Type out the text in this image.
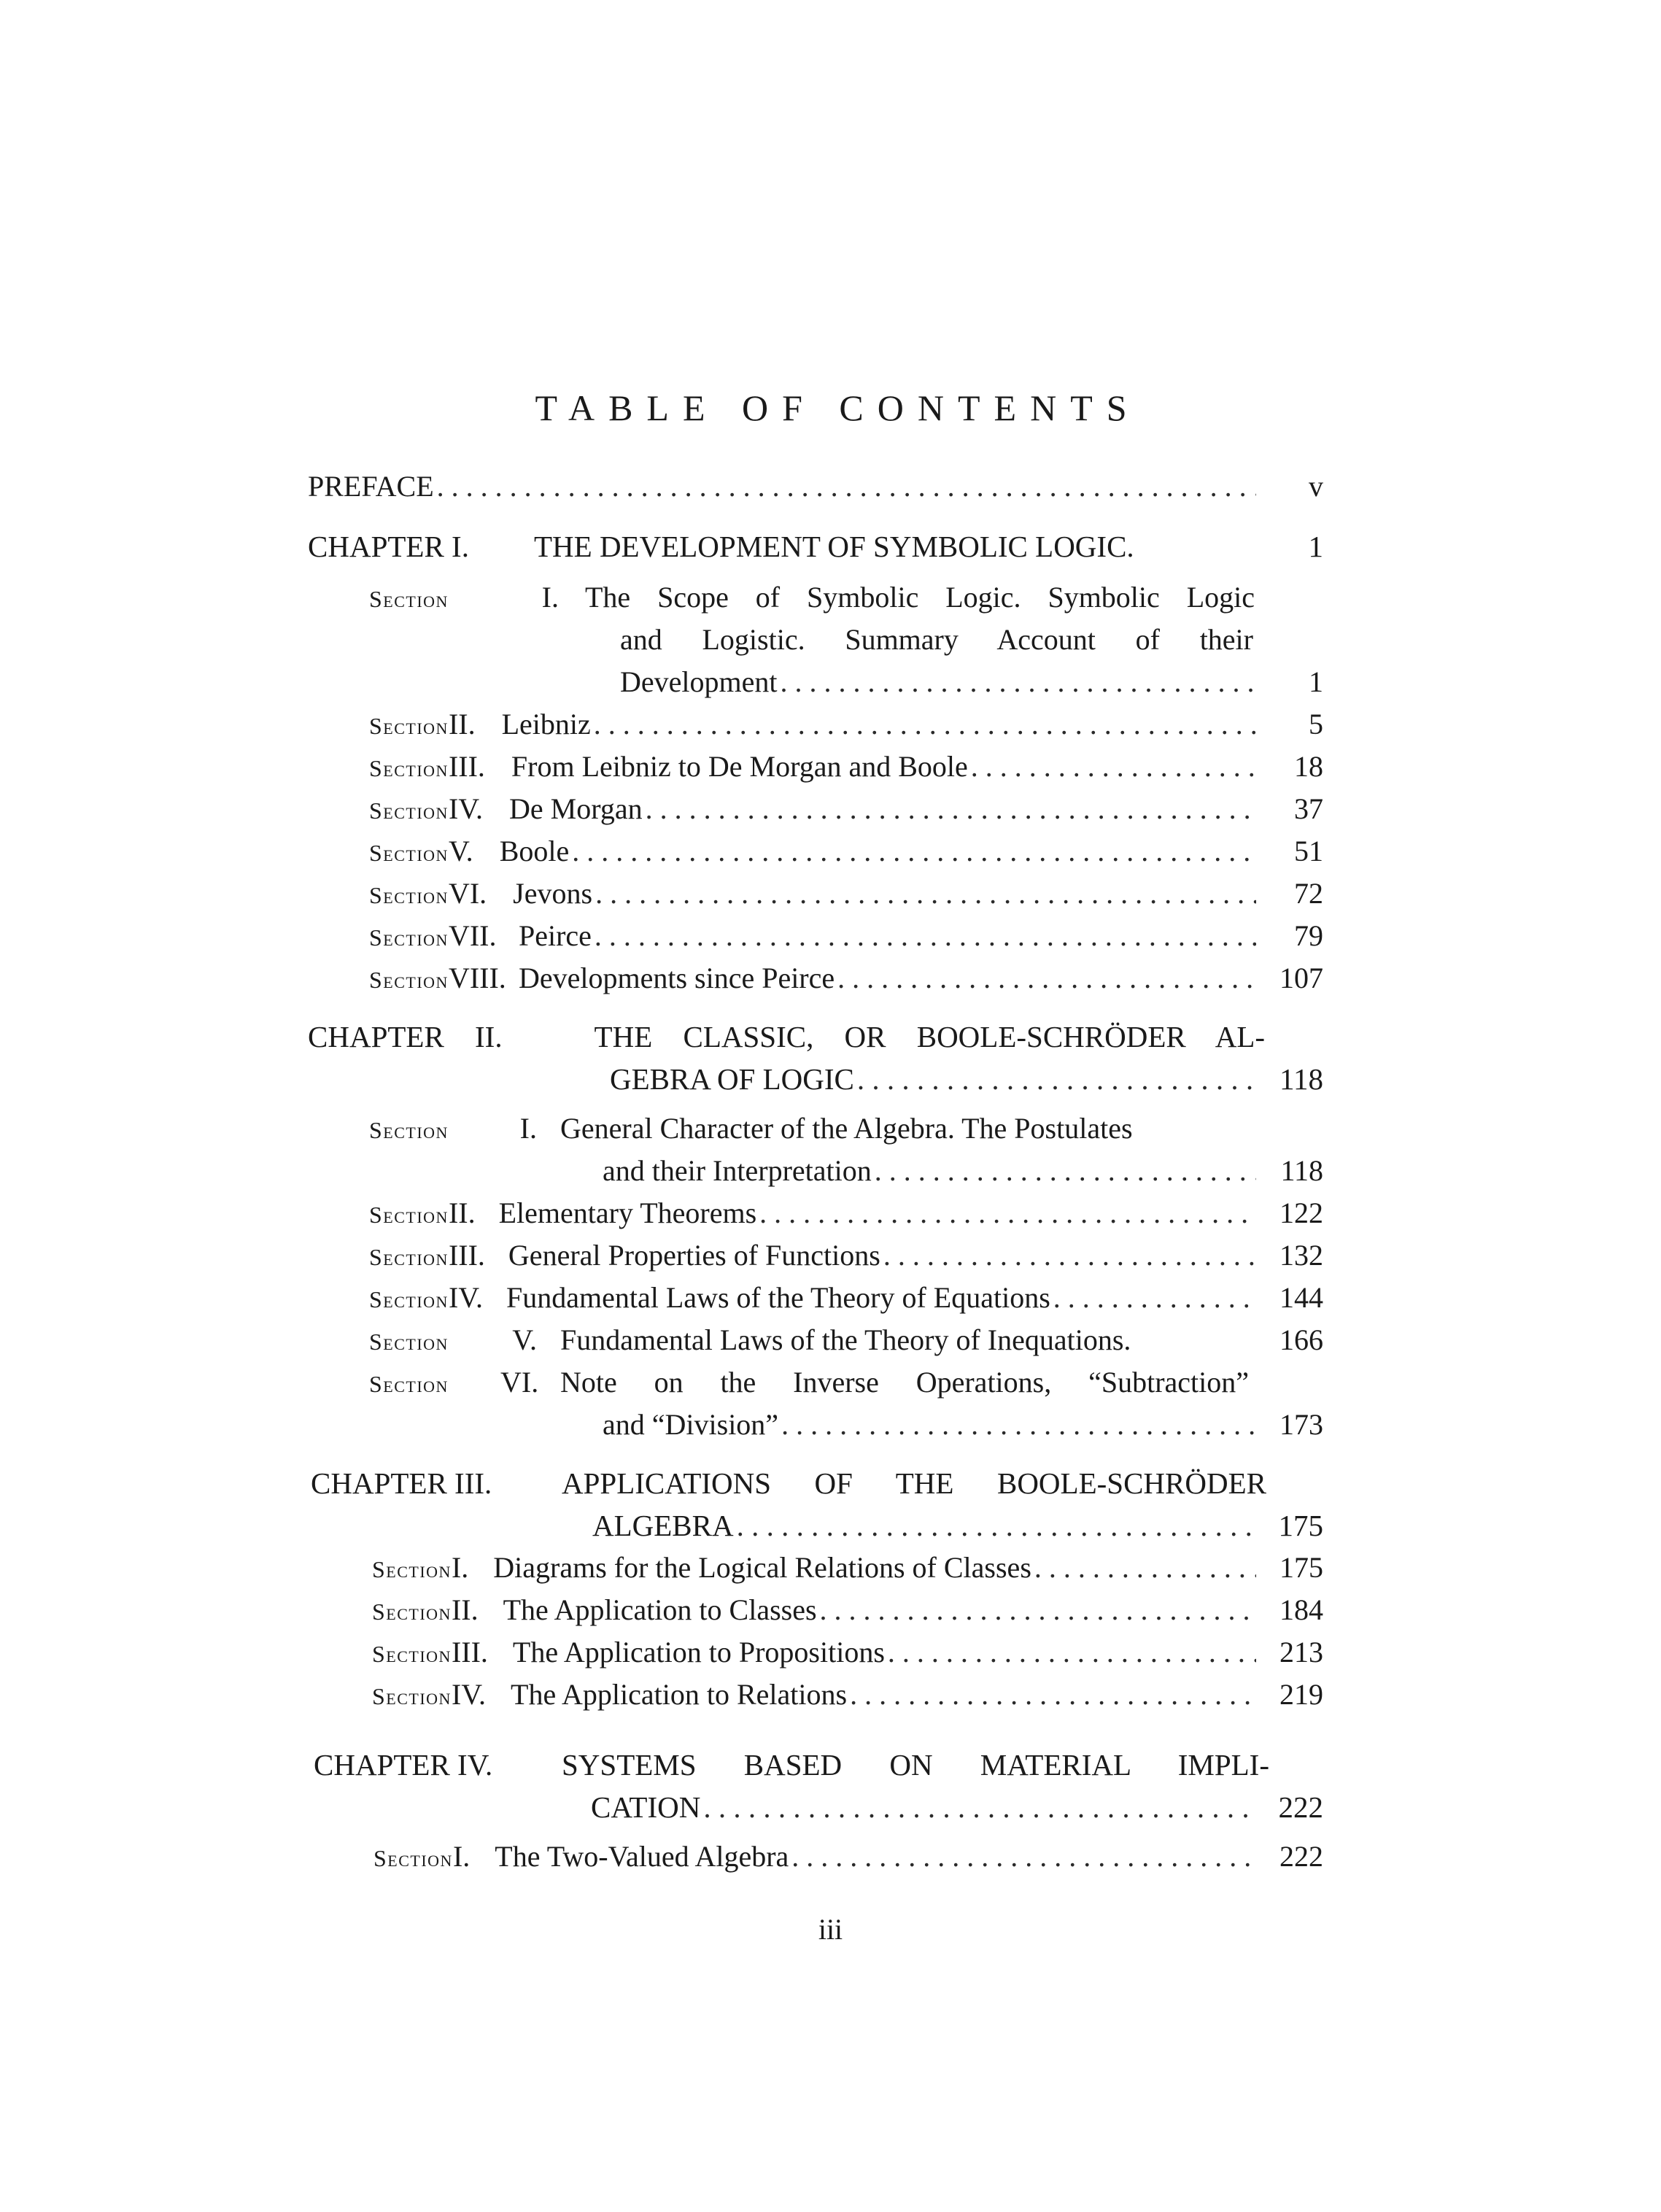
TABLE OF CONTENTS
PREFACE . . .	v
CHAPTER I.	THE DEVELOPMENT OF SYMBOLIC LOGIC.	1
Section	I. The Scope of Symbolic Logic. Symbolic Logic
and Logistic. Summary Account of their
Development . . .	1
Section II. Leibniz . . .	5
Section III. From Leibniz to De Morgan and Boole . . .	18
Section IV. De Morgan . . .	37
Section V. Boole . . .	51
Section VI. Jevons . . .	72
Section VII. Peirce . . .	79
Section VIII. Developments since Peirce . . .	107
CHAPTER II.	THE CLASSIC, OR BOOLE-SCHRÖDER AL-
GEBRA OF LOGIC . . .	118
Section	I. General Character of the Algebra. The Postulates
and their Interpretation . . .	118
Section II. Elementary Theorems . . .	122
Section III. General Properties of Functions . . .	132
Section IV. Fundamental Laws of the Theory of Equations . . .	144
Section	V. Fundamental Laws of the Theory of Inequations.	166
Section	VI. Note on the Inverse Operations, “Subtraction”
and “Division” . . .	173
CHAPTER III.	APPLICATIONS OF THE BOOLE-SCHRÖDER
ALGEBRA . . .	175
Section I. Diagrams for the Logical Relations of Classes . . .	175
Section II. The Application to Classes . . .	184
Section III. The Application to Propositions . . .	213
Section IV. The Application to Relations . . .	219
CHAPTER IV.	SYSTEMS BASED ON MATERIAL IMPLI-
CATION . . .	222
Section I. The Two-Valued Algebra . . .	222
iii
